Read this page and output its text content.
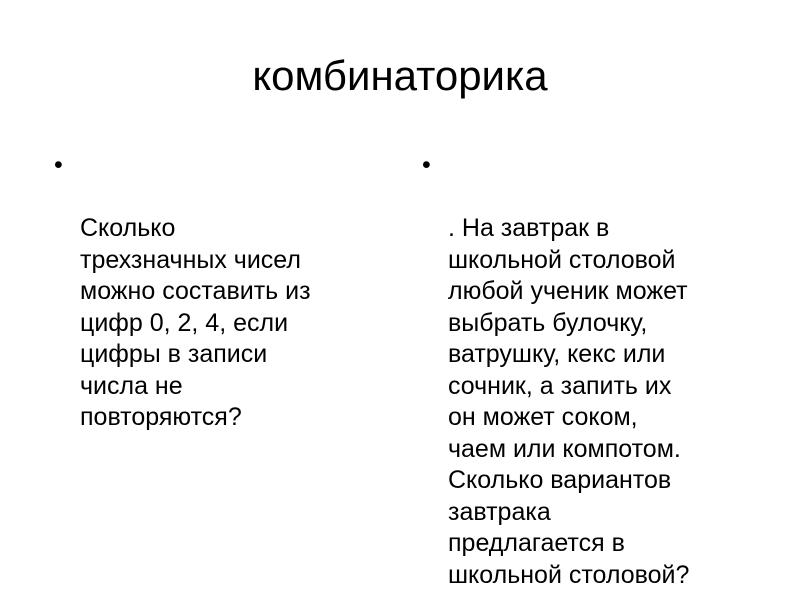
комбинаторика

•

Сколько
трехзначных чисел
можно составить из
цифр 0, 2, 4, если
цифры в записи
числа не
повторяются?

•

. На завтрак в
школьной столовой
любой ученик может
выбрать булочку,
ватрушку, кекс или
сочник, а запить их
он может соком,
чаем или компотом.
Сколько вариантов
завтрака
предлагается в
школьной столовой?
